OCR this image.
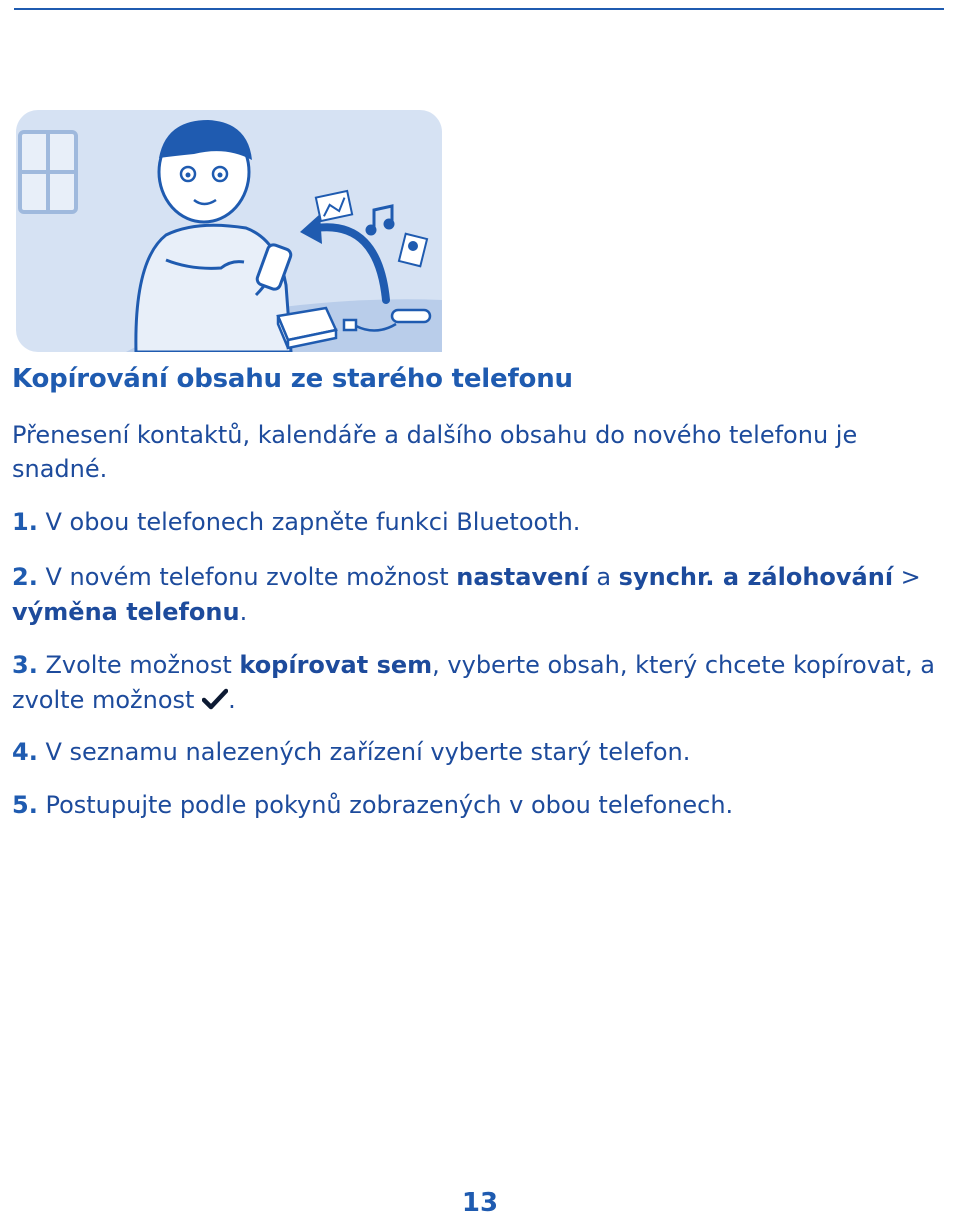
Kopírování obsahu ze starého telefonu

Přenesení kontaktů, kalendáře a dalšího obsahu do nového telefonu je snadné.

1. V obou telefonech zapněte funkci Bluetooth.

2. V novém telefonu zvolte možnost nastavení a synchr. a zálohování > výměna telefonu.

3. Zvolte možnost kopírovat sem, vyberte obsah, který chcete kopírovat, a zvolte možnost .

4. V seznamu nalezených zařízení vyberte starý telefon.

5. Postupujte podle pokynů zobrazených v obou telefonech.

13
